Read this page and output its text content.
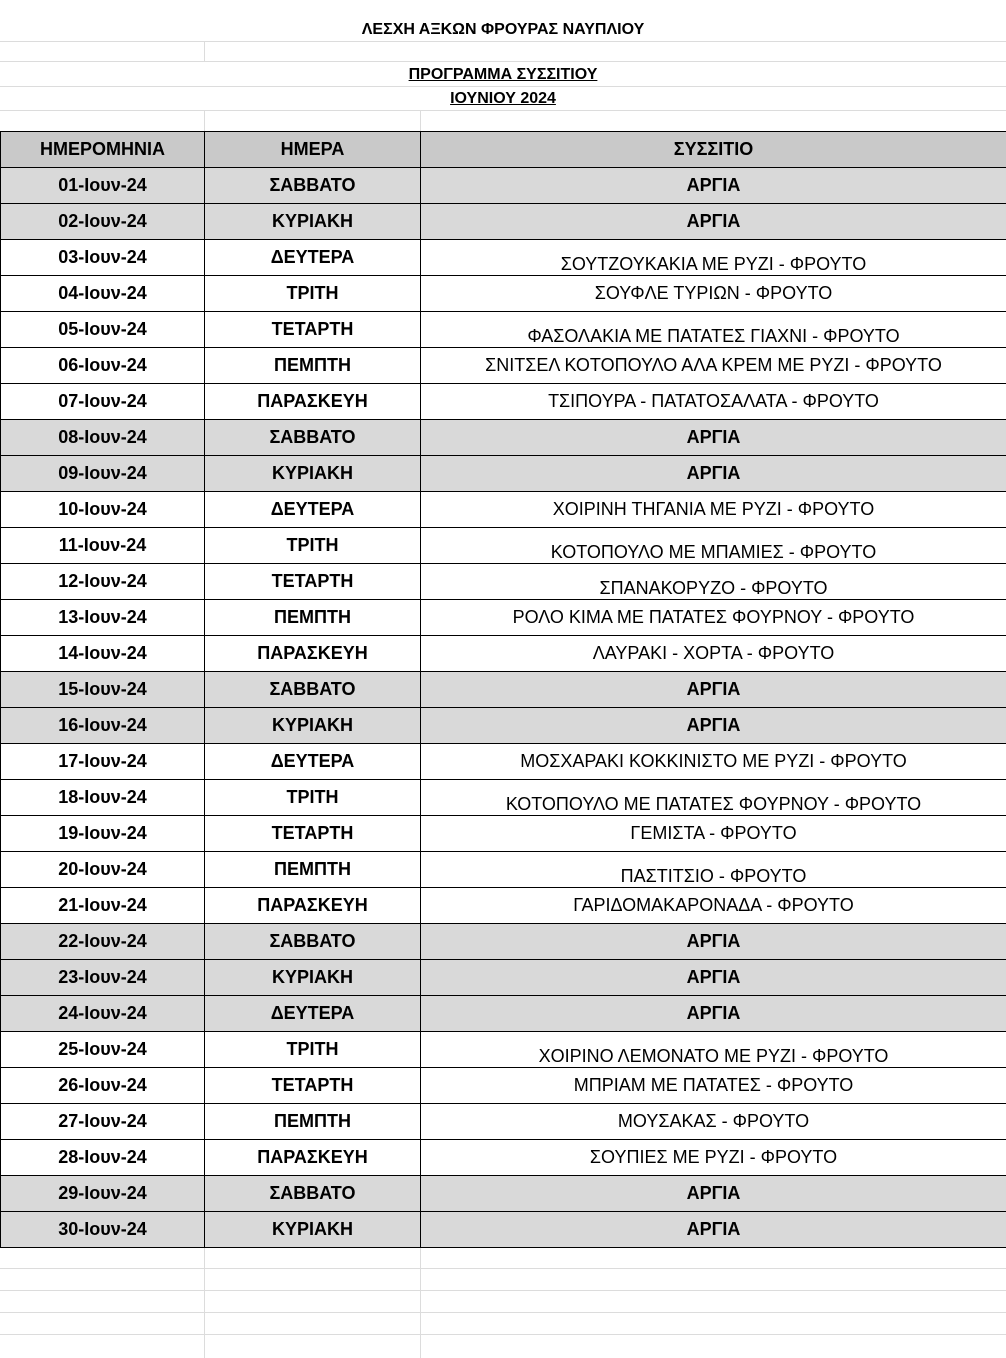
ΛΕΣΧΗ ΑΞΚΩΝ ΦΡΟΥΡΑΣ ΝΑΥΠΛΙΟΥ
ΠΡΟΓΡΑΜΜΑ ΣΥΣΣΙΤΙΟΥ
ΙΟΥΝΙΟΥ 2024
ΗΜΕΡΟΜΗΝΙΑ	ΗΜΕΡΑ	ΣΥΣΣΙΤΙΟ
01-Ιουν-24	ΣΑΒΒΑΤΟ	ΑΡΓΙΑ
02-Ιουν-24	ΚΥΡΙΑΚΗ	ΑΡΓΙΑ
03-Ιουν-24	ΔΕΥΤΕΡΑ	ΣΟΥΤΖΟΥΚΑΚΙΑ ΜΕ ΡΥΖΙ - ΦΡΟΥΤΟ
04-Ιουν-24	ΤΡΙΤΗ	ΣΟΥΦΛΕ ΤΥΡΙΩΝ - ΦΡΟΥΤΟ
05-Ιουν-24	ΤΕΤΑΡΤΗ	ΦΑΣΟΛΑΚΙΑ ΜΕ ΠΑΤΑΤΕΣ ΓΙΑΧΝΙ - ΦΡΟΥΤΟ
06-Ιουν-24	ΠΕΜΠΤΗ	ΣΝΙΤΣΕΛ ΚΟΤΟΠΟΥΛΟ ΑΛΑ ΚΡΕΜ ΜΕ ΡΥΖΙ - ΦΡΟΥΤΟ
07-Ιουν-24	ΠΑΡΑΣΚΕΥΗ	ΤΣΙΠΟΥΡΑ - ΠΑΤΑΤΟΣΑΛΑΤΑ - ΦΡΟΥΤΟ
08-Ιουν-24	ΣΑΒΒΑΤΟ	ΑΡΓΙΑ
09-Ιουν-24	ΚΥΡΙΑΚΗ	ΑΡΓΙΑ
10-Ιουν-24	ΔΕΥΤΕΡΑ	ΧΟΙΡΙΝΗ ΤΗΓΑΝΙΑ ΜΕ ΡΥΖΙ - ΦΡΟΥΤΟ
11-Ιουν-24	ΤΡΙΤΗ	ΚΟΤΟΠΟΥΛΟ ΜΕ ΜΠΑΜΙΕΣ - ΦΡΟΥΤΟ
12-Ιουν-24	ΤΕΤΑΡΤΗ	ΣΠΑΝΑΚΟΡΥΖΟ - ΦΡΟΥΤΟ
13-Ιουν-24	ΠΕΜΠΤΗ	ΡΟΛΟ ΚΙΜΑ ΜΕ ΠΑΤΑΤΕΣ ΦΟΥΡΝΟΥ - ΦΡΟΥΤΟ
14-Ιουν-24	ΠΑΡΑΣΚΕΥΗ	ΛΑΥΡΑΚΙ - ΧΟΡΤΑ - ΦΡΟΥΤΟ
15-Ιουν-24	ΣΑΒΒΑΤΟ	ΑΡΓΙΑ
16-Ιουν-24	ΚΥΡΙΑΚΗ	ΑΡΓΙΑ
17-Ιουν-24	ΔΕΥΤΕΡΑ	ΜΟΣΧΑΡΑΚΙ ΚΟΚΚΙΝΙΣΤΟ ΜΕ ΡΥΖΙ - ΦΡΟΥΤΟ
18-Ιουν-24	ΤΡΙΤΗ	ΚΟΤΟΠΟΥΛΟ ΜΕ ΠΑΤΑΤΕΣ ΦΟΥΡΝΟΥ - ΦΡΟΥΤΟ
19-Ιουν-24	ΤΕΤΑΡΤΗ	ΓΕΜΙΣΤΑ - ΦΡΟΥΤΟ
20-Ιουν-24	ΠΕΜΠΤΗ	ΠΑΣΤΙΤΣΙΟ - ΦΡΟΥΤΟ
21-Ιουν-24	ΠΑΡΑΣΚΕΥΗ	ΓΑΡΙΔΟΜΑΚΑΡΟΝΑΔΑ - ΦΡΟΥΤΟ
22-Ιουν-24	ΣΑΒΒΑΤΟ	ΑΡΓΙΑ
23-Ιουν-24	ΚΥΡΙΑΚΗ	ΑΡΓΙΑ
24-Ιουν-24	ΔΕΥΤΕΡΑ	ΑΡΓΙΑ
25-Ιουν-24	ΤΡΙΤΗ	ΧΟΙΡΙΝΟ ΛΕΜΟΝΑΤΟ ΜΕ ΡΥΖΙ - ΦΡΟΥΤΟ
26-Ιουν-24	ΤΕΤΑΡΤΗ	ΜΠΡΙΑΜ ΜΕ ΠΑΤΑΤΕΣ - ΦΡΟΥΤΟ
27-Ιουν-24	ΠΕΜΠΤΗ	ΜΟΥΣΑΚΑΣ - ΦΡΟΥΤΟ
28-Ιουν-24	ΠΑΡΑΣΚΕΥΗ	ΣΟΥΠΙΕΣ ΜΕ ΡΥΖΙ - ΦΡΟΥΤΟ
29-Ιουν-24	ΣΑΒΒΑΤΟ	ΑΡΓΙΑ
30-Ιουν-24	ΚΥΡΙΑΚΗ	ΑΡΓΙΑ
